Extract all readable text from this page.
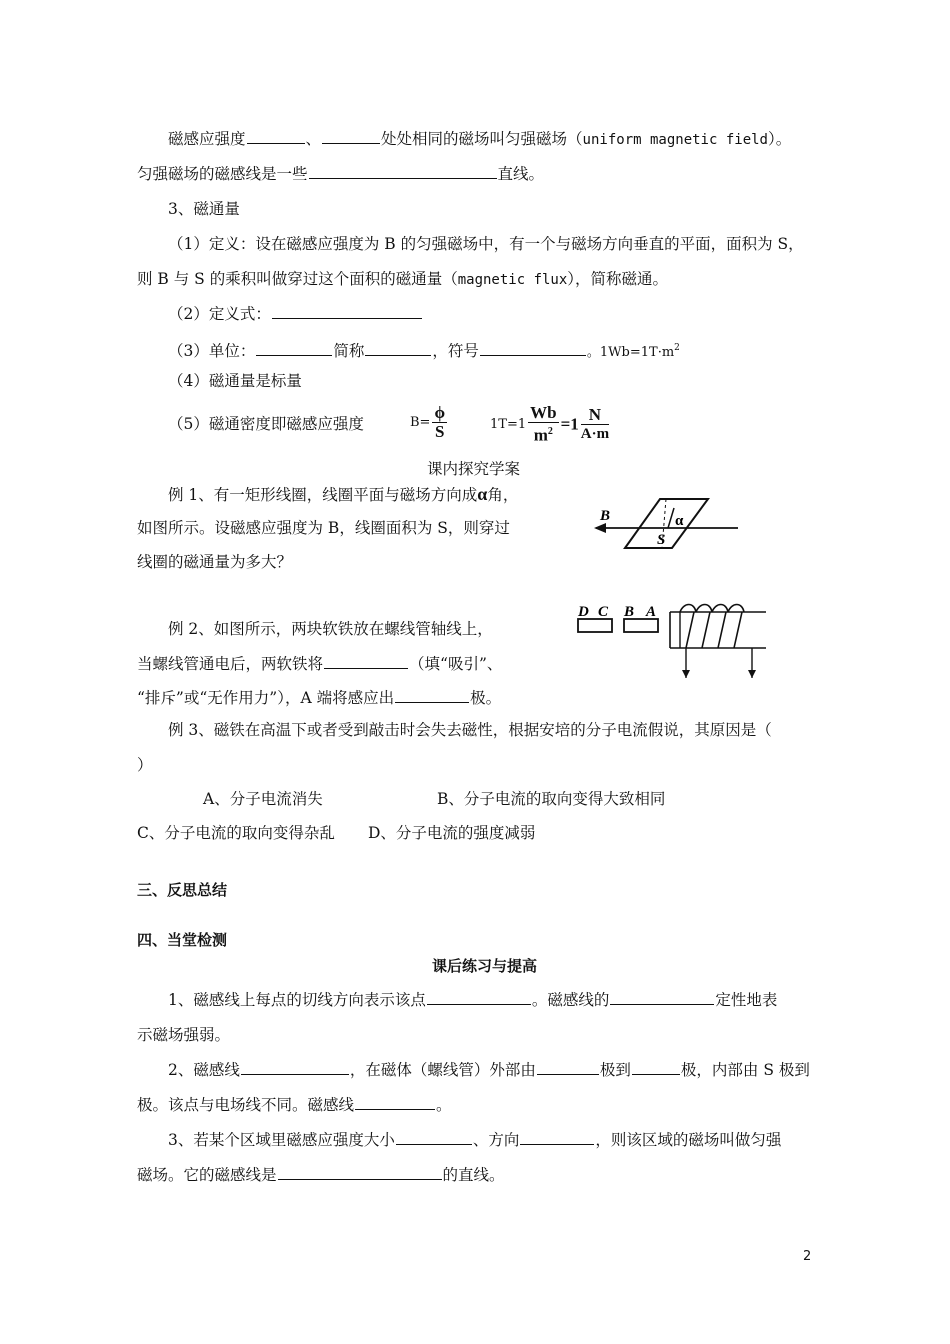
磁感应强度	、	处处相同的磁场叫匀强磁场（uniform magnetic field）。
匀强磁场的磁感线是一些	直线。
3、磁通量
（1）定义：设在磁感应强度为 B 的匀强磁场中，有一个与磁场方向垂直的平面，面积为 S，
则 B 与 S 的乘积叫做穿过这个面积的磁通量（magnetic flux），简称磁通。
（2）定义式：
（3）单位：	简称	，符号	。$1Wb=1T\cdot m^2$
（4）磁通量是标量
（5）磁通密度即磁感应强度	$B= \frac{\phi}{S}$	$1T=1 \frac{Wb}{m^2} =1 \frac{N}{A\cdot m}$
课内探究学案
例 1、有一矩形线圈，线圈平面与磁场方向成α角，
如图所示。设磁感应强度为 B，线圈面积为 S，则穿过
线圈的磁通量为多大？
B	α
S
例 2、如图所示，两块软铁放在螺线管轴线上，
当螺线管通电后，两软铁将	（填“吸引”、
“排斥”或“无作用力”），A 端将感应出	极。
D C B A
例 3、磁铁在高温下或者受到敲击时会失去磁性，根据安培的分子电流假说，其原因是（
）
A、分子电流消失	B、分子电流的取向变得大致相同
C、分子电流的取向变得杂乱 D、分子电流的强度减弱
三、反思总结
四、当堂检测
课后练习与提高
1、磁感线上每点的切线方向表示该点	。磁感线的	定性地表
示磁场强弱。
2、磁感线	，在磁体（螺线管）外部由	极到	极，内部由 S 极到
极。该点与电场线不同。磁感线	。
3、若某个区域里磁感应强度大小	、方向	，则该区域的磁场叫做匀强
磁场。它的磁感线是	的直线。
2
